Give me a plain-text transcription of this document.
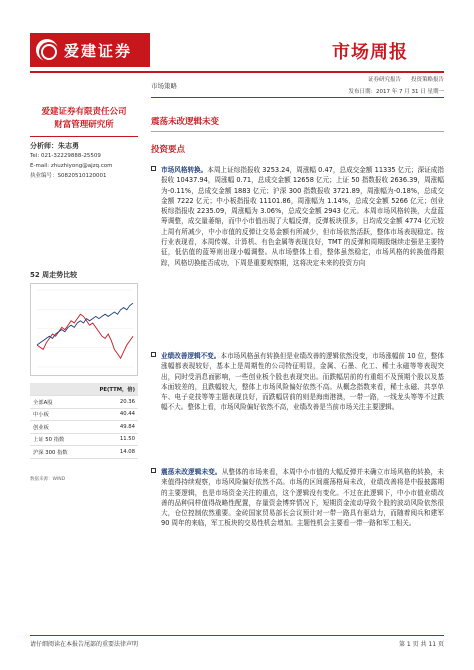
爱建证券	市场周报
市场策略
证券研究报告 投资策略报告
发布日期：2017 年 7 月 31 日 星期一
爱建证券有限责任公司
财富管理研究所
分析师：朱志勇
Tel: 021-32229888-25509
E-mail: zhuzhiyong@ajzq.com
执业编号：S0820510120001
52 周走势比较
	PE(TTM，倍)
全部A股	20.36
中小板	40.44
创业板	49.84
上证 50 指数	11.50
沪深 300 指数	14.08
数据来源：WIND
震荡未改逻辑未变
投资要点
市场风格转换。本周上证综指报收 3253.24，周涨幅 0.47，总成交金额 11335 亿元；深证成指报收 10437.94，周涨幅 0.71，总成交金额 12658 亿元；上证 50 指数报收 2636.39，周涨幅为-0.11%，总成交金额 1883 亿元；沪深 300 指数报收 3721.89，周涨幅为-0.18%，总成交金额 7222 亿元；中小板指报收 11101.86，周涨幅为 1.14%，总成交金额 5266 亿元；创业板综指报收 2235.09，周涨幅为 3.06%，总成交金额 2943 亿元。本周市场风格转换，大盘蓝筹调整，成交量萎缩，而中小市值出现了大幅反弹，反弹板块很多，日均成交金额 4774 亿元较上周有所减少，中小市值的反弹让交易金额有所减少，但市场依然活跃，整体市场表现稳定。按行业表现看，本周传媒、计算机、有色金属等表现良好，TMT 的反弹和周期股继续走强是主要特征，低估值的蓝筹则出现小幅调整。从市场整体上看，整体虽然稳定，市场风格的转换值得跟踪，风格切换能否成功，下周是重要观察期，这将决定未来的投资方向
业绩改善逻辑不变。本市场风格虽有转换但是业绩改善的逻辑依然没变，市场涨幅前 10 位，整体涨幅都表现较好，基本上是周期性的公司特征明显，金属、石墨、化工、稀土永磁等等表现突出，同时受消息面影响，一些创业板个股也表现突出。而跌幅居前的有重组不及预期个股以及基本面较差的，且跌幅较大，整体上市场风险偏好依然不高。从概念指数来看，稀土永磁、共享单车、电子竞技等等主题表现良好，而跌幅居前的则是海南港澳，一带一路，一线龙头等等不过跌幅不大。整体上看，市场风险偏好依然不高，业绩改善是当前市场关注主要逻辑。
震荡未改逻辑未变。从整体的市场来看，本周中小市值的大幅反弹并未确立市场风格的转换，未来值得持续观察，市场风险偏好依然不高。市场的区间震荡格局未改，业绩改善将是中报披露期的主要逻辑，也是市场资金关注的重点，这个逻辑没有变化。不过在此逻辑下，中小市值业绩改善的品种同样值得战略性配置，存量资金博弈情况下，短期资金流动导致个股的波动风险依然很大，仓位控制依然重要。金砖国家贸易部长会议预计对一带一路具有驱动力，而随着阅兵和建军 90 周年的来临，军工板块的交易性机会增加。主题性机会主要看一带一路和军工相关。
请仔细阅读在本报告尾部的重要法律声明	第 1 页 共 11 页
